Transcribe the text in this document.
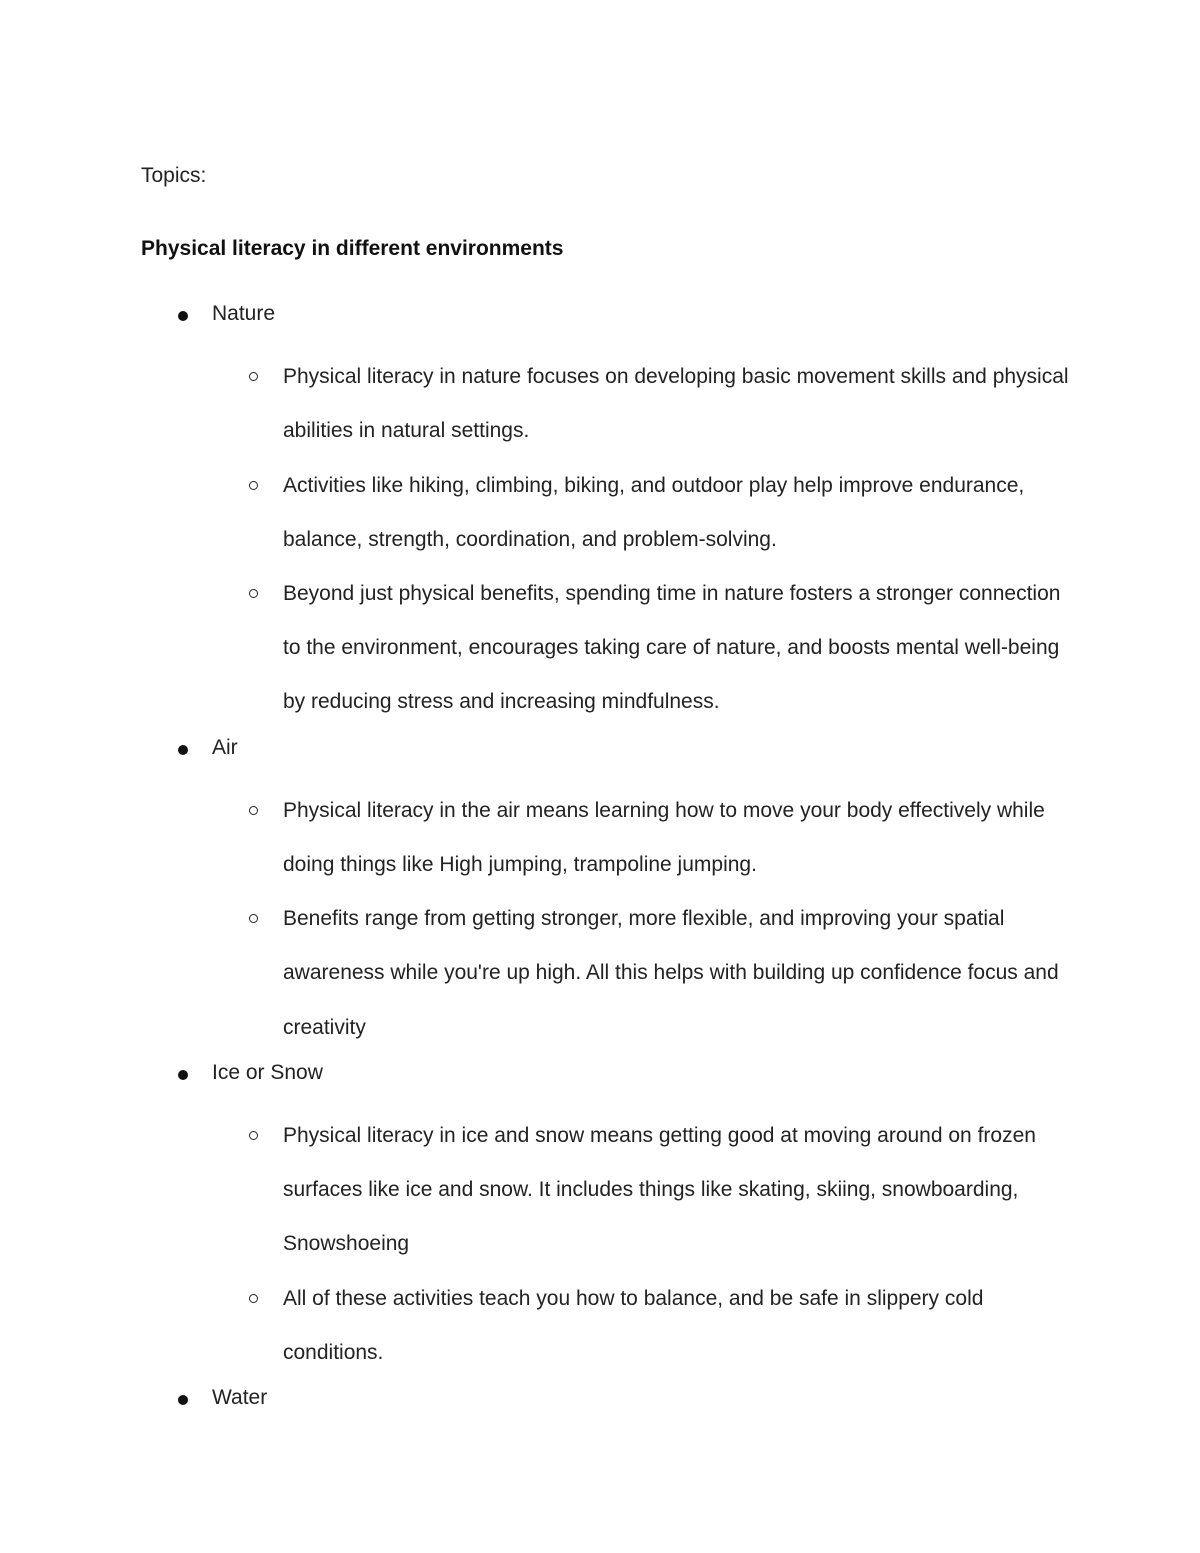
Topics:

Physical literacy in different environments
Nature
Physical literacy in nature focuses on developing basic movement skills and physical abilities in natural settings.
Activities like hiking, climbing, biking, and outdoor play help improve endurance, balance, strength, coordination, and problem-solving.
Beyond just physical benefits, spending time in nature fosters a stronger connection to the environment, encourages taking care of nature, and boosts mental well-being by reducing stress and increasing mindfulness.
Air
Physical literacy in the air means learning how to move your body effectively while doing things like High jumping, trampoline jumping.
Benefits range from getting stronger, more flexible, and improving your spatial awareness while you're up high. All this helps with building up confidence focus and creativity
Ice or Snow
Physical literacy in ice and snow means getting good at moving around on frozen surfaces like ice and snow. It includes things like skating, skiing, snowboarding, Snowshoeing
All of these activities teach you how to balance, and be safe in slippery cold conditions.
Water
